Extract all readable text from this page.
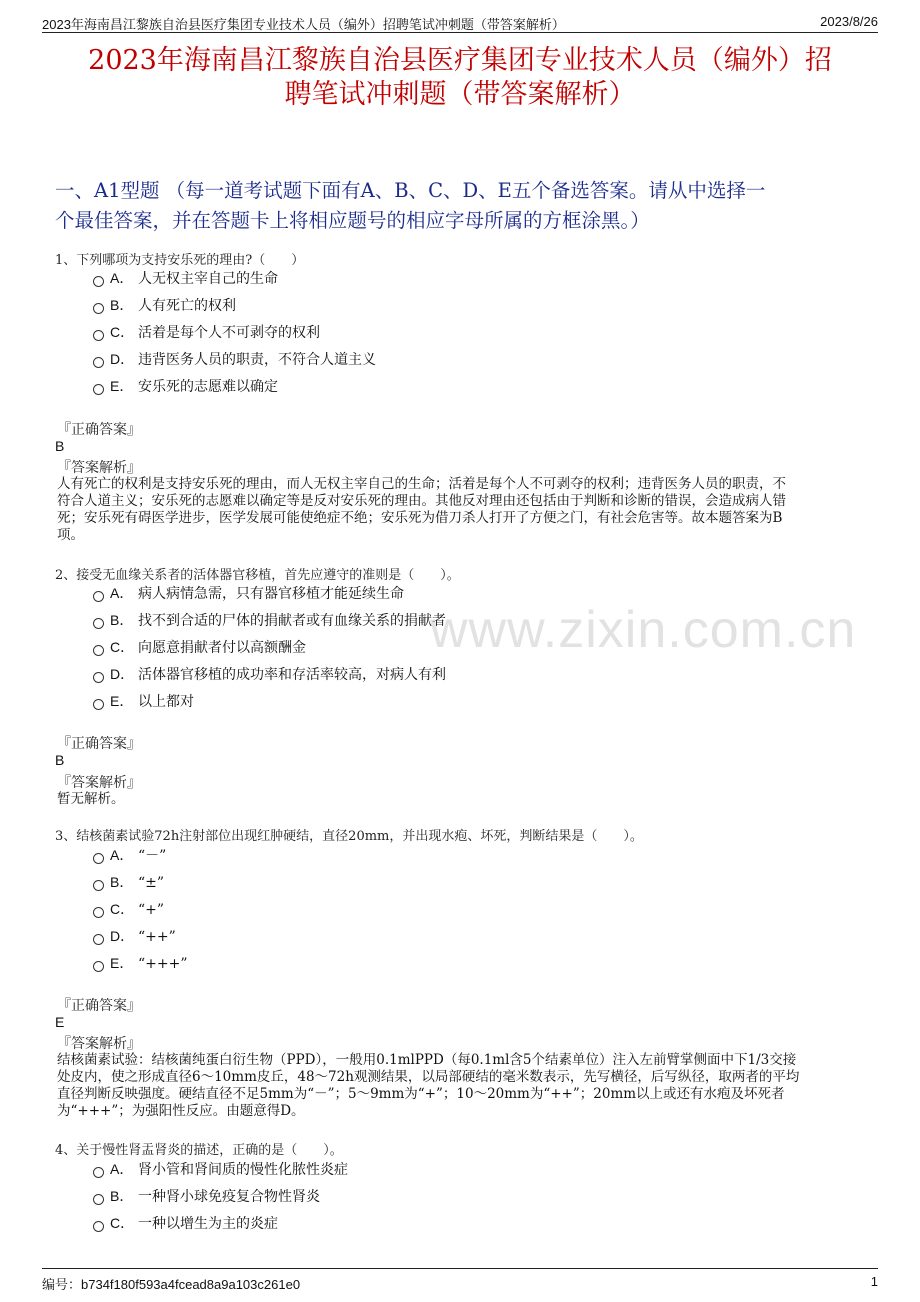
2023年海南昌江黎族自治县医疗集团专业技术人员（编外）招聘笔试冲刺题（带答案解析）	2023/8/26
2023年海南昌江黎族自治县医疗集团专业技术人员（编外）招
聘笔试冲刺题（带答案解析）
一、A1型题 （每一道考试题下面有A、B、C、D、E五个备选答案。请从中选择一
个最佳答案，并在答题卡上将相应题号的相应字母所属的方框涂黑。）
www.zixin.com.cn
1、下列哪项为支持安乐死的理由?（　　）
A． 人无权主宰自己的生命
B． 人有死亡的权利
C． 活着是每个人不可剥夺的权利
D． 违背医务人员的职责，不符合人道主义
E． 安乐死的志愿难以确定
『正确答案』
B
『答案解析』
人有死亡的权利是支持安乐死的理由，而人无权主宰自己的生命；活着是每个人不可剥夺的权利；违背医务人员的职责，不
符合人道主义；安乐死的志愿难以确定等是反对安乐死的理由。其他反对理由还包括由于判断和诊断的错误，会造成病人错
死；安乐死有碍医学进步，医学发展可能使绝症不绝；安乐死为借刀杀人打开了方便之门，有社会危害等。故本题答案为B
项。
2、接受无血缘关系者的活体器官移植，首先应遵守的准则是（　　）。
A． 病人病情急需，只有器官移植才能延续生命
B． 找不到合适的尸体的捐献者或有血缘关系的捐献者
C． 向愿意捐献者付以高额酬金
D． 活体器官移植的成功率和存活率较高，对病人有利
E． 以上都对
『正确答案』
B
『答案解析』
暂无解析。
3、结核菌素试验72h注射部位出现红肿硬结，直径20mm，并出现水疱、坏死，判断结果是（　　）。
A． “－”
B． “±”
C． “+”
D． “++”
E． “+++”
『正确答案』
E
『答案解析』
结核菌素试验：结核菌纯蛋白衍生物（PPD），一般用0.1mlPPD（每0.1ml含5个结素单位）注入左前臂掌侧面中下1/3交接
处皮内，使之形成直径6～10mm皮丘，48～72h观测结果，以局部硬结的毫米数表示，先写横径，后写纵径，取两者的平均
直径判断反映强度。硬结直径不足5mm为“－”；5～9mm为“+”；10～20mm为“++”；20mm以上或还有水疱及坏死者
为“+++”；为强阳性反应。由题意得D。
4、关于慢性肾盂肾炎的描述，正确的是（　　）。
A． 肾小管和肾间质的慢性化脓性炎症
B． 一种肾小球免疫复合物性肾炎
C． 一种以增生为主的炎症
编号：b734f180f593a4fcead8a9a103c261e0	1
